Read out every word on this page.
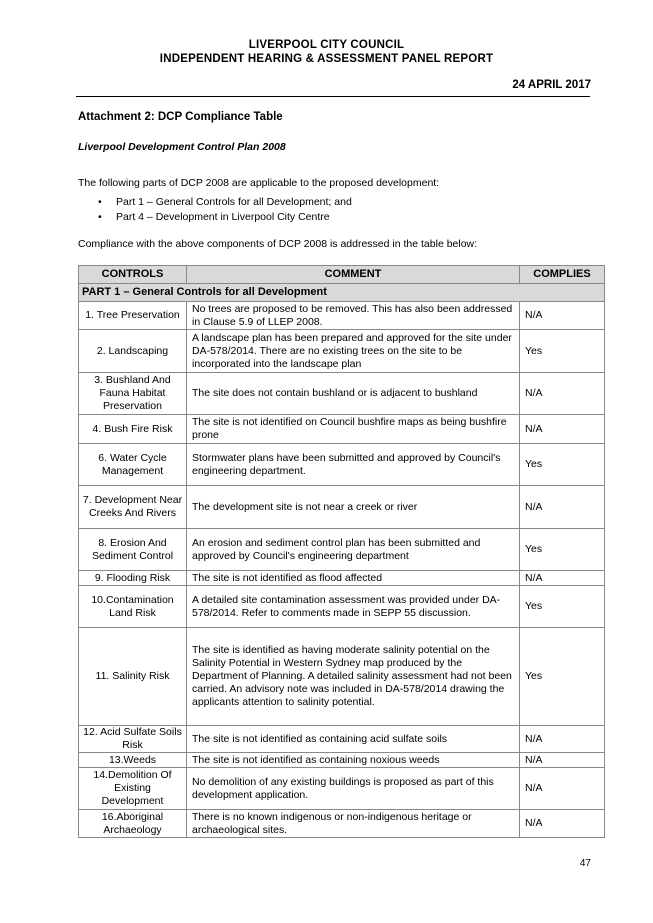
LIVERPOOL CITY COUNCIL
INDEPENDENT HEARING & ASSESSMENT PANEL REPORT
24 APRIL 2017
Attachment 2: DCP Compliance Table
Liverpool Development Control Plan 2008
The following parts of DCP 2008 are applicable to the proposed development:
• Part 1 – General Controls for all Development; and
• Part 4 – Development in Liverpool City Centre
Compliance with the above components of DCP 2008 is addressed in the table below:
CONTROLS	COMMENT	COMPLIES
PART 1 – General Controls for all Development		
1. Tree Preservation	No trees are proposed to be removed. This has also been addressed in Clause 5.9 of LLEP 2008.	N/A
2. Landscaping	A landscape plan has been prepared and approved for the site under DA-578/2014. There are no existing trees on the site to be incorporated into the landscape plan	Yes
3. Bushland And Fauna Habitat Preservation	The site does not contain bushland or is adjacent to bushland	N/A
4. Bush Fire Risk	The site is not identified on Council bushfire maps as being bushfire prone	N/A
6. Water Cycle Management	Stormwater plans have been submitted and approved by Council's engineering department.	Yes
7. Development Near Creeks And Rivers	The development site is not near a creek or river	N/A
8. Erosion And Sediment Control	An erosion and sediment control plan has been submitted and approved by Council's engineering department	Yes
9. Flooding Risk	The site is not identified as flood affected	N/A
10.Contamination Land Risk	A detailed site contamination assessment was provided under DA-578/2014. Refer to comments made in SEPP 55 discussion.	Yes
11. Salinity Risk	The site is identified as having moderate salinity potential on the Salinity Potential in Western Sydney map produced by the Department of Planning. A detailed salinity assessment had not been carried. An advisory note was included in DA-578/2014 drawing the applicants attention to salinity potential.	Yes
12. Acid Sulfate Soils Risk	The site is not identified as containing acid sulfate soils	N/A
13.Weeds	The site is not identified as containing noxious weeds	N/A
14.Demolition Of Existing Development	No demolition of any existing buildings is proposed as part of this development application.	N/A
16.Aboriginal Archaeology	There is no known indigenous or non-indigenous heritage or archaeological sites.	N/A
47
